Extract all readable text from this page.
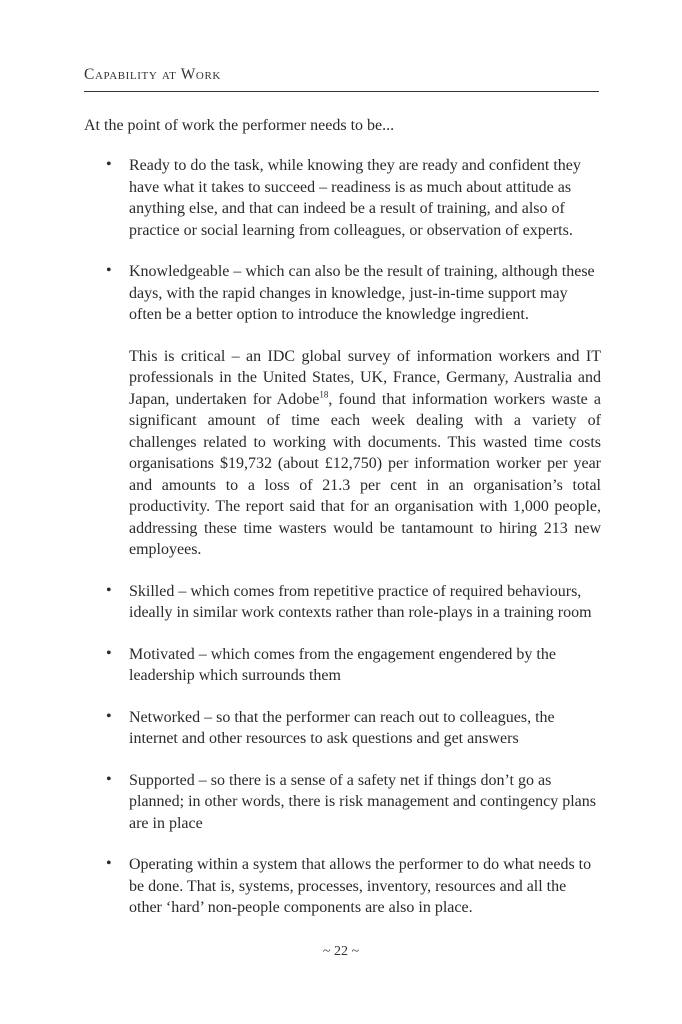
Capability at Work

At the point of work the performer needs to be...

• Ready to do the task, while knowing they are ready and confident they have what it takes to succeed – readiness is as much about attitude as anything else, and that can indeed be a result of training, and also of practice or social learning from colleagues, or observation of experts.
• Knowledgeable – which can also be the result of training, although these days, with the rapid changes in knowledge, just-in-time support may often be a better option to introduce the knowledge ingredient.

This is critical – an IDC global survey of information workers and IT professionals in the United States, UK, France, Germany, Australia and Japan, undertaken for Adobe$^{18}$, found that information workers waste a significant amount of time each week dealing with a variety of challenges related to working with documents. This wasted time costs organisations $19,732 (about £12,750) per information worker per year and amounts to a loss of 21.3 per cent in an organisation’s total productivity. The report said that for an organisation with 1,000 people, addressing these time wasters would be tantamount to hiring 213 new employees.

• Skilled – which comes from repetitive practice of required behaviours, ideally in similar work contexts rather than role-plays in a training room
• Motivated – which comes from the engagement engendered by the leadership which surrounds them
• Networked – so that the performer can reach out to colleagues, the internet and other resources to ask questions and get answers
• Supported – so there is a sense of a safety net if things don’t go as planned; in other words, there is risk management and contingency plans are in place
• Operating within a system that allows the performer to do what needs to be done. That is, systems, processes, inventory, resources and all the other ‘hard’ non-people components are also in place.
~ 22 ~
